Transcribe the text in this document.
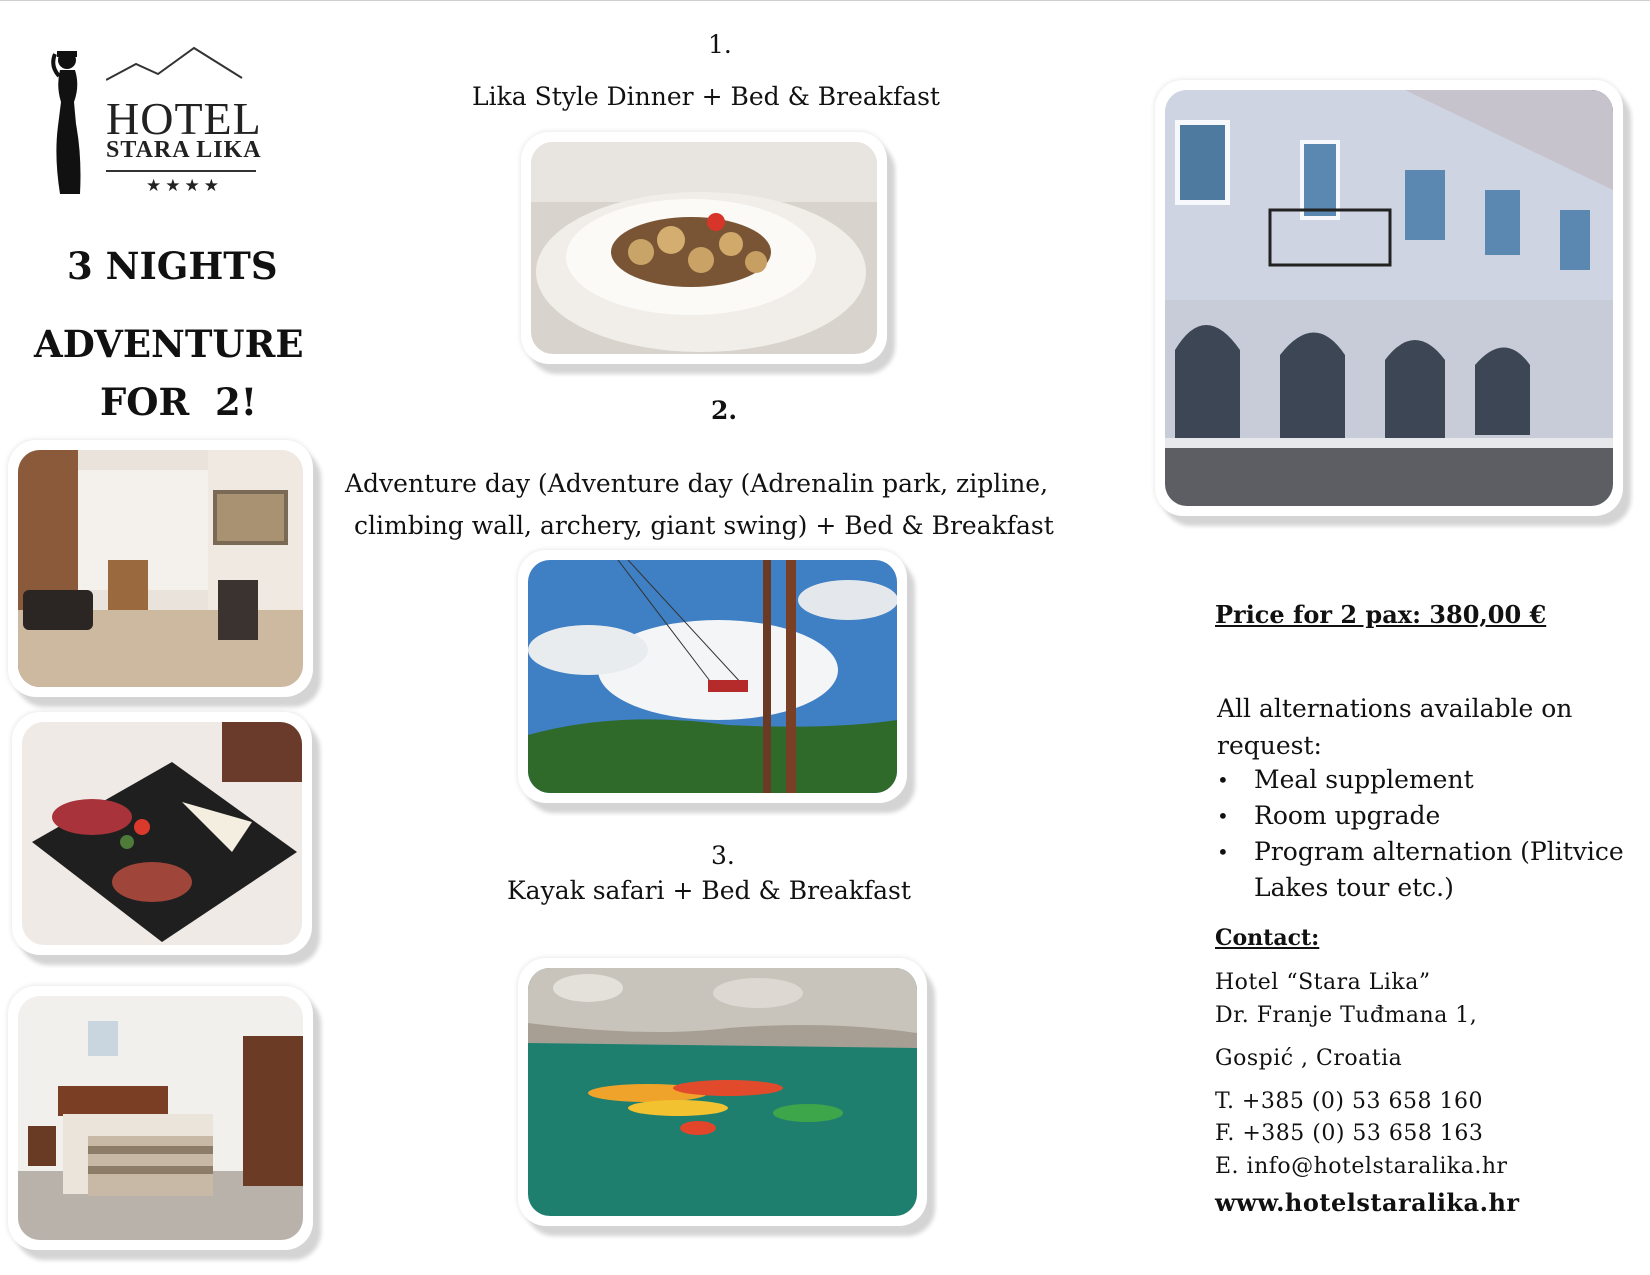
HOTEL
STARA LIKA
★★★★
3 NIGHTS
ADVENTURE
FOR  2!
1.
Lika Style Dinner + Bed & Breakfast
2.
Adventure day (Adventure day (Adrenalin park, zipline,
climbing wall, archery, giant swing) + Bed & Breakfast
3.
Kayak safari + Bed & Breakfast
Price for 2 pax: 380,00 €
All alternations available on request:
• Meal supplement
• Room upgrade
• Program alternation (Plitvice Lakes tour etc.)
Contact:
Hotel “Stara Lika”
Dr. Franje Tuđmana 1,
Gospić , Croatia
T. +385 (0) 53 658 160
F. +385 (0) 53 658 163
E. info@hotelstaralika.hr
www.hotelstaralika.hr
